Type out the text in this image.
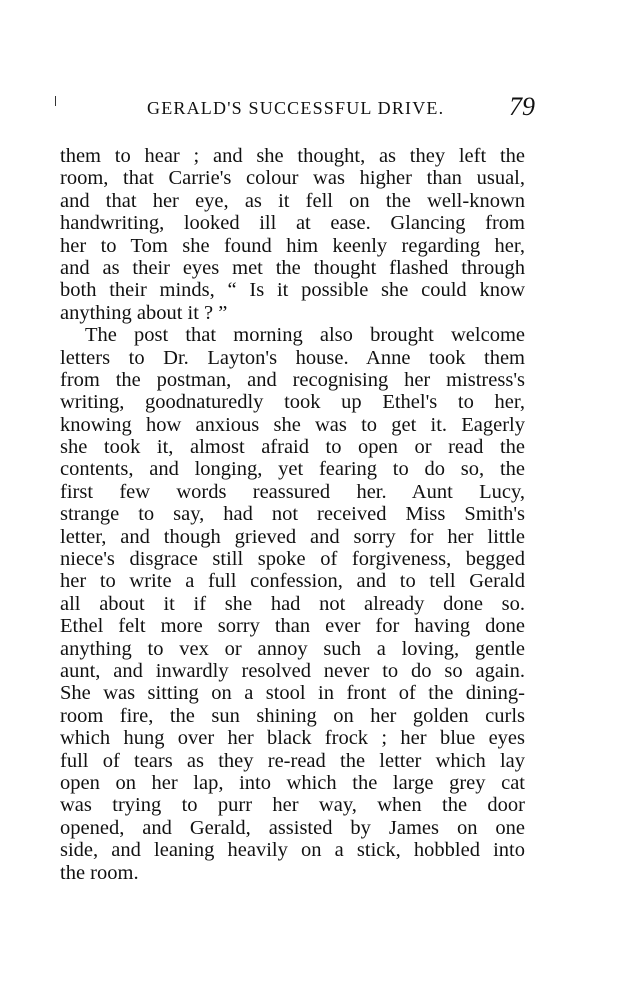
GERALD'S SUCCESSFUL DRIVE. 79
them to hear ; and she thought, as they left the
room, that Carrie's colour was higher than usual,
and that her eye, as it fell on the well-known
handwriting, looked ill at ease. Glancing from
her to Tom she found him keenly regarding her,
and as their eyes met the thought flashed through
both their minds, “ Is it possible she could know
anything about it ? ”
The post that morning also brought welcome
letters to Dr. Layton's house. Anne took them
from the postman, and recognising her mistress's
writing, goodnaturedly took up Ethel's to her,
knowing how anxious she was to get it. Eagerly
she took it, almost afraid to open or read the
contents, and longing, yet fearing to do so, the
first few words reassured her. Aunt Lucy,
strange to say, had not received Miss Smith's
letter, and though grieved and sorry for her little
niece's disgrace still spoke of forgiveness, begged
her to write a full confession, and to tell Gerald
all about it if she had not already done so.
Ethel felt more sorry than ever for having done
anything to vex or annoy such a loving, gentle
aunt, and inwardly resolved never to do so again.
She was sitting on a stool in front of the dining-
room fire, the sun shining on her golden curls
which hung over her black frock ; her blue eyes
full of tears as they re-read the letter which lay
open on her lap, into which the large grey cat
was trying to purr her way, when the door
opened, and Gerald, assisted by James on one
side, and leaning heavily on a stick, hobbled into
the room.
